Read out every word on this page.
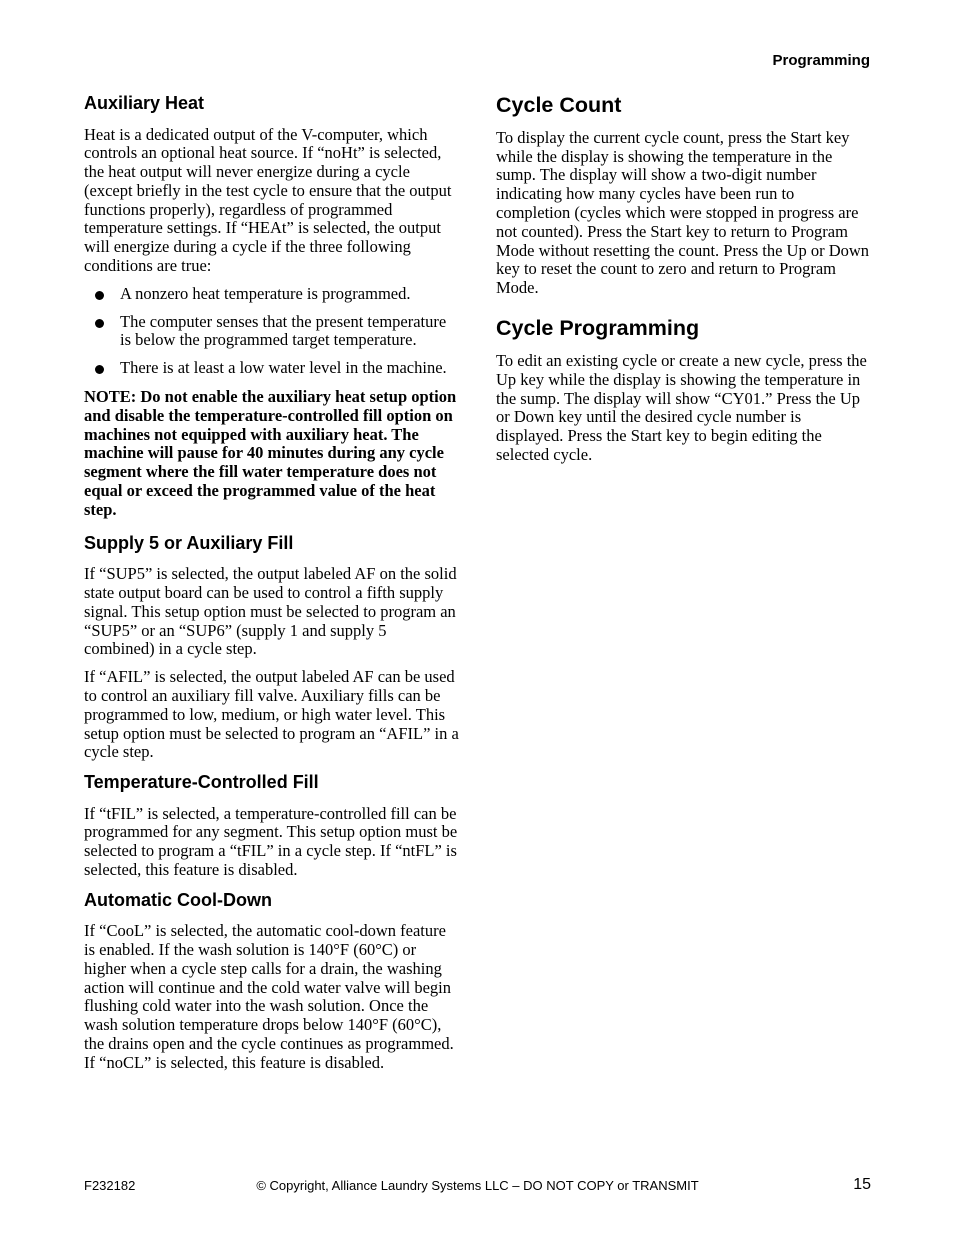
Programming
Auxiliary Heat

Heat is a dedicated output of the V-computer, which controls an optional heat source. If “noHt” is selected, the heat output will never energize during a cycle (except briefly in the test cycle to ensure that the output functions properly), regardless of programmed temperature settings. If “HEAt” is selected, the output will energize during a cycle if the three following conditions are true:

A nonzero heat temperature is programmed.
The computer senses that the present temperature is below the programmed target temperature.
There is at least a low water level in the machine.

NOTE: Do not enable the auxiliary heat setup option and disable the temperature-controlled fill option on machines not equipped with auxiliary heat. The machine will pause for 40 minutes during any cycle segment where the fill water temperature does not equal or exceed the programmed value of the heat step.

Supply 5 or Auxiliary Fill

If “SUP5” is selected, the output labeled AF on the solid state output board can be used to control a fifth supply signal. This setup option must be selected to program an “SUP5” or an “SUP6” (supply 1 and supply 5 combined) in a cycle step.

If “AFIL” is selected, the output labeled AF can be used to control an auxiliary fill valve. Auxiliary fills can be programmed to low, medium, or high water level. This setup option must be selected to program an “AFIL” in a cycle step.

Temperature-Controlled Fill

If “tFIL” is selected, a temperature-controlled fill can be programmed for any segment. This setup option must be selected to program a “tFIL” in a cycle step. If “ntFL” is selected, this feature is disabled.

Automatic Cool-Down

If “CooL” is selected, the automatic cool-down feature is enabled. If the wash solution is 140°F (60°C) or higher when a cycle step calls for a drain, the washing action will continue and the cold water valve will begin flushing cold water into the wash solution. Once the wash solution temperature drops below 140°F (60°C), the drains open and the cycle continues as programmed. If “noCL” is selected, this feature is disabled.

Cycle Count

To display the current cycle count, press the Start key while the display is showing the temperature in the sump. The display will show a two-digit number indicating how many cycles have been run to completion (cycles which were stopped in progress are not counted). Press the Start key to return to Program Mode without resetting the count. Press the Up or Down key to reset the count to zero and return to Program Mode.

Cycle Programming

To edit an existing cycle or create a new cycle, press the Up key while the display is showing the temperature in the sump. The display will show “CY01.” Press the Up or Down key until the desired cycle number is displayed. Press the Start key to begin editing the selected cycle.

F232182	© Copyright, Alliance Laundry Systems LLC – DO NOT COPY or TRANSMIT	15
